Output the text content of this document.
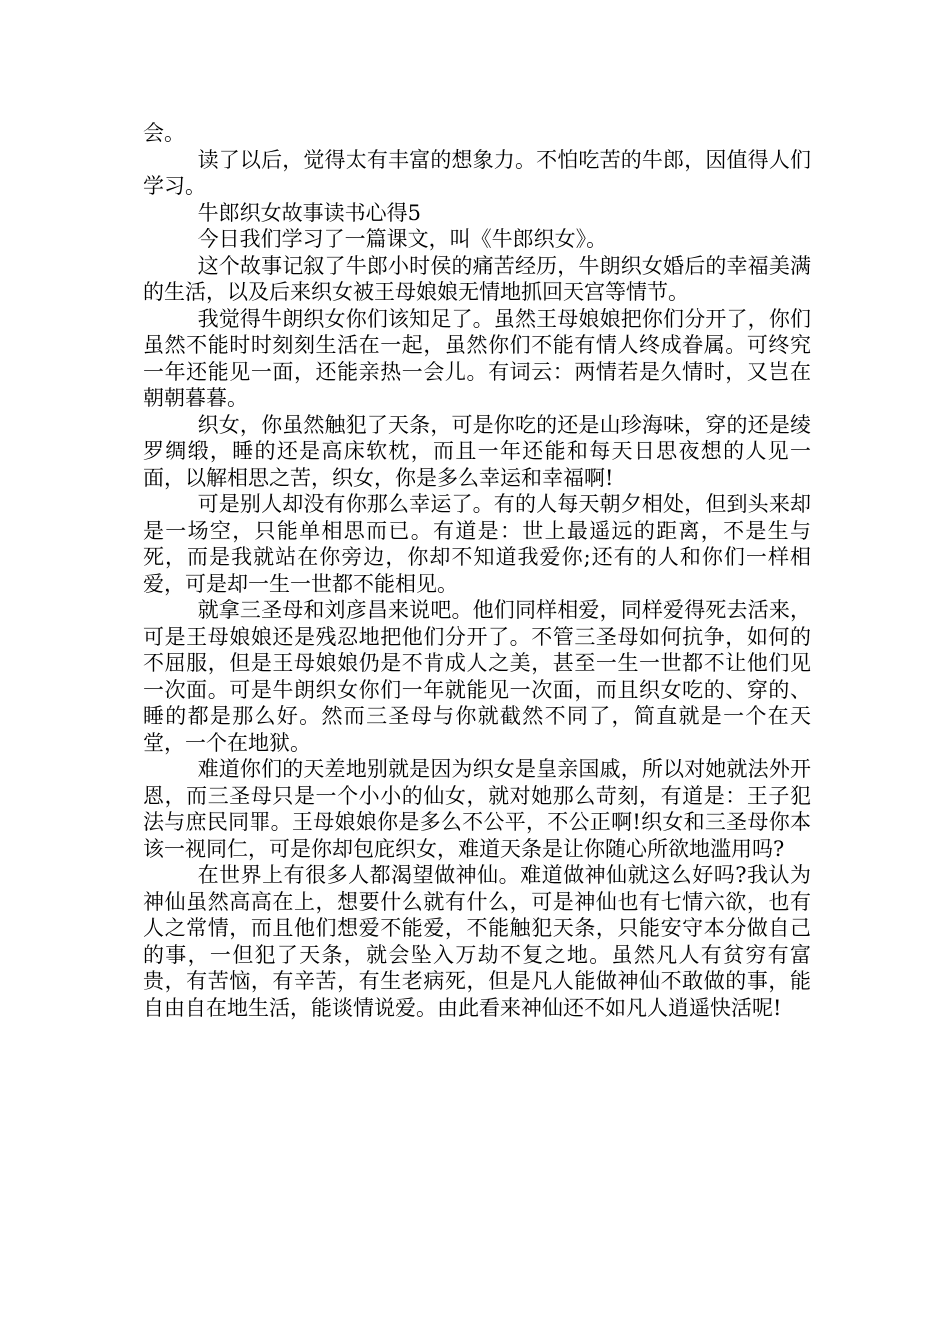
会。

读了以后，觉得太有丰富的想象力。不怕吃苦的牛郎，因值得人们学习。

牛郎织女故事读书心得5

今日我们学习了一篇课文，叫《牛郎织女》。

这个故事记叙了牛郎小时侯的痛苦经历，牛朗织女婚后的幸福美满的生活，以及后来织女被王母娘娘无情地抓回天宫等情节。

我觉得牛朗织女你们该知足了。虽然王母娘娘把你们分开了，你们虽然不能时时刻刻生活在一起，虽然你们不能有情人终成眷属。可终究一年还能见一面，还能亲热一会儿。有词云：两情若是久情时，又岂在朝朝暮暮。

织女，你虽然触犯了天条，可是你吃的还是山珍海味，穿的还是绫罗绸缎，睡的还是高床软枕，而且一年还能和每天日思夜想的人见一面，以解相思之苦，织女，你是多么幸运和幸福啊!

可是别人却没有你那么幸运了。有的人每天朝夕相处，但到头来却是一场空，只能单相思而已。有道是：世上最遥远的距离，不是生与死，而是我就站在你旁边，你却不知道我爱你;还有的人和你们一样相爱，可是却一生一世都不能相见。

就拿三圣母和刘彦昌来说吧。他们同样相爱，同样爱得死去活来，可是王母娘娘还是残忍地把他们分开了。不管三圣母如何抗争，如何的不屈服，但是王母娘娘仍是不肯成人之美，甚至一生一世都不让他们见一次面。可是牛朗织女你们一年就能见一次面，而且织女吃的、穿的、睡的都是那么好。然而三圣母与你就截然不同了，简直就是一个在天堂，一个在地狱。

难道你们的天差地别就是因为织女是皇亲国戚，所以对她就法外开恩，而三圣母只是一个小小的仙女，就对她那么苛刻，有道是：王子犯法与庶民同罪。王母娘娘你是多么不公平，不公正啊!织女和三圣母你本该一视同仁，可是你却包庇织女，难道天条是让你随心所欲地滥用吗?

在世界上有很多人都渴望做神仙。难道做神仙就这么好吗?我认为神仙虽然高高在上，想要什么就有什么，可是神仙也有七情六欲，也有人之常情，而且他们想爱不能爱，不能触犯天条，只能安守本分做自己的事，一但犯了天条，就会坠入万劫不复之地。虽然凡人有贫穷有富贵，有苦恼，有辛苦，有生老病死，但是凡人能做神仙不敢做的事，能自由自在地生活，能谈情说爱。由此看来神仙还不如凡人逍遥快活呢!
